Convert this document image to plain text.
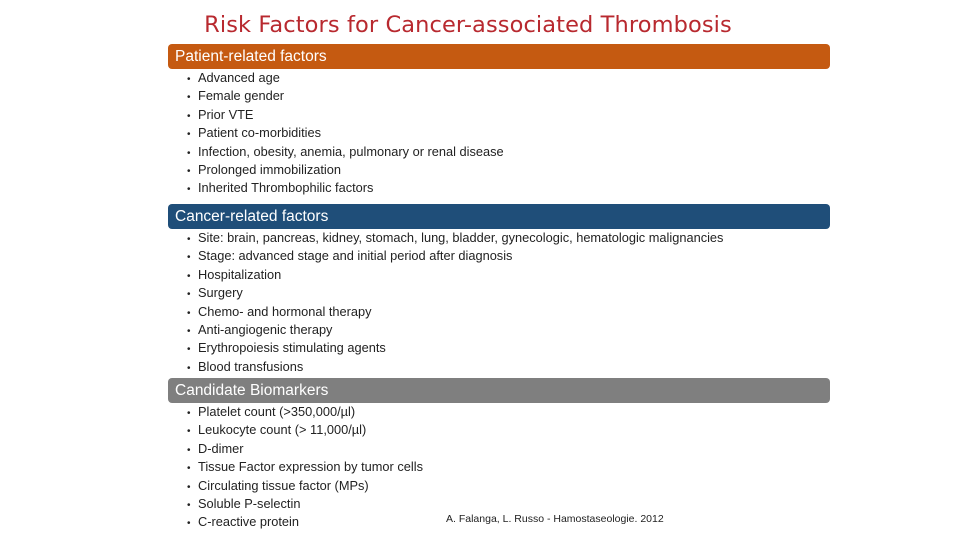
Risk Factors for Cancer-associated Thrombosis
Patient-related factors
• Advanced age
• Female gender
• Prior VTE
• Patient co-morbidities
• Infection, obesity, anemia, pulmonary or renal disease
• Prolonged immobilization
• Inherited Thrombophilic factors
Cancer-related factors
• Site: brain, pancreas, kidney, stomach, lung, bladder, gynecologic, hematologic malignancies
• Stage: advanced stage and initial period after diagnosis
• Hospitalization
• Surgery
• Chemo- and hormonal therapy
• Anti-angiogenic therapy
• Erythropoiesis stimulating agents
• Blood transfusions
Candidate Biomarkers
• Platelet count (>350,000/µl)
• Leukocyte count (> 11,000/µl)
• D-dimer
• Tissue Factor expression by tumor cells
• Circulating tissue factor (MPs)
• Soluble P-selectin
• C-reactive protein	A. Falanga, L. Russo - Hamostaseologie. 2012
